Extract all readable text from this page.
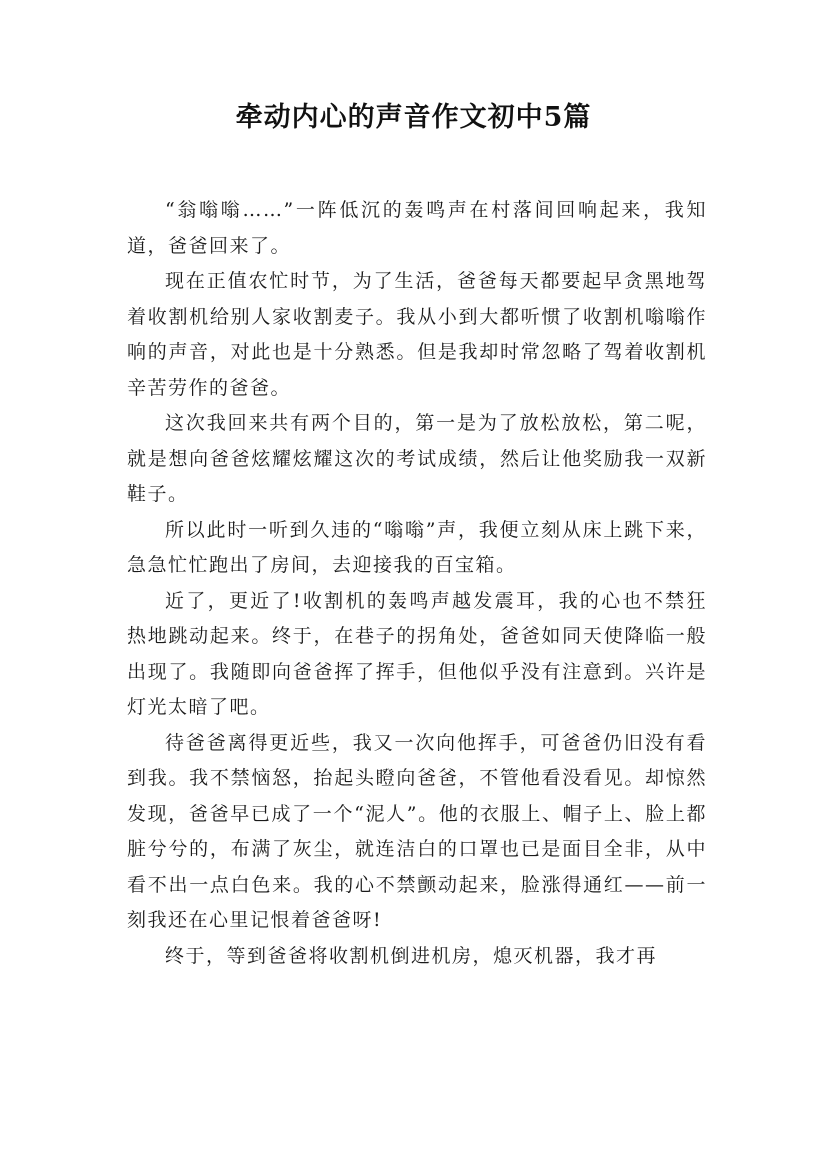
牵动内心的声音作文初中5篇

“翁嗡嗡……”一阵低沉的轰鸣声在村落间回响起来，我知道，爸爸回来了。

现在正值农忙时节，为了生活，爸爸每天都要起早贪黑地驾着收割机给别人家收割麦子。我从小到大都听惯了收割机嗡嗡作响的声音，对此也是十分熟悉。但是我却时常忽略了驾着收割机辛苦劳作的爸爸。

这次我回来共有两个目的，第一是为了放松放松，第二呢，就是想向爸爸炫耀炫耀这次的考试成绩，然后让他奖励我一双新鞋子。

所以此时一听到久违的“嗡嗡”声，我便立刻从床上跳下来，急急忙忙跑出了房间，去迎接我的百宝箱。

近了，更近了!收割机的轰鸣声越发震耳，我的心也不禁狂热地跳动起来。终于，在巷子的拐角处，爸爸如同天使降临一般出现了。我随即向爸爸挥了挥手，但他似乎没有注意到。兴许是灯光太暗了吧。

待爸爸离得更近些，我又一次向他挥手，可爸爸仍旧没有看到我。我不禁恼怒，抬起头瞪向爸爸，不管他看没看见。却惊然发现，爸爸早已成了一个“泥人”。他的衣服上、帽子上、脸上都脏兮兮的，布满了灰尘，就连洁白的口罩也已是面目全非，从中看不出一点白色来。我的心不禁颤动起来，脸涨得通红——前一刻我还在心里记恨着爸爸呀!

终于，等到爸爸将收割机倒进机房，熄灭机器，我才再
